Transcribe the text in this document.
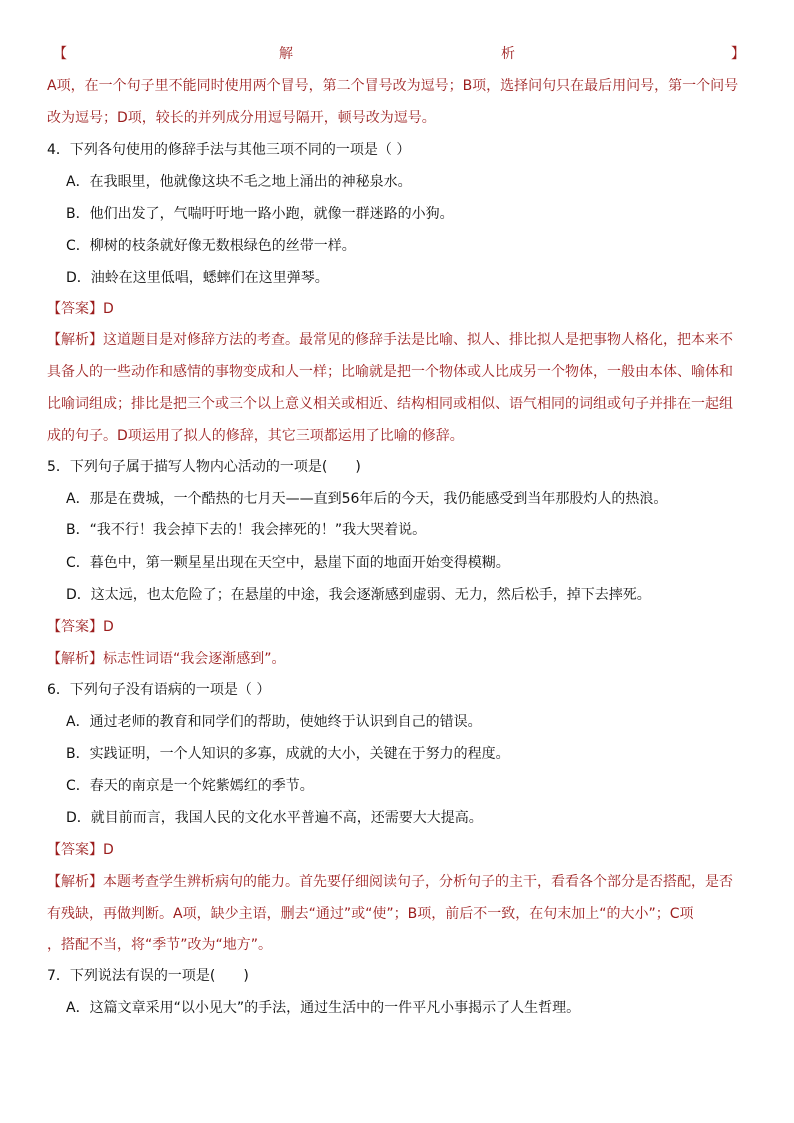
【	解	析	】
A项，在一个句子里不能同时使用两个冒号，第二个冒号改为逗号；B项，选择问句只在最后用问号，第一个问号
改为逗号；D项，较长的并列成分用逗号隔开，顿号改为逗号。
4．下列各句使用的修辞手法与其他三项不同的一项是（ ）
A．在我眼里，他就像这块不毛之地上涌出的神秘泉水。
B．他们出发了，气喘吁吁地一路小跑，就像一群迷路的小狗。
C．柳树的枝条就好像无数根绿色的丝带一样。
D．油蛉在这里低唱，蟋蟀们在这里弹琴。
【答案】D
【解析】这道题目是对修辞方法的考查。最常见的修辞手法是比喻、拟人、排比拟人是把事物人格化，把本来不
具备人的一些动作和感情的事物变成和人一样；比喻就是把一个物体或人比成另一个物体，一般由本体、喻体和
比喻词组成；排比是把三个或三个以上意义相关或相近、结构相同或相似、语气相同的词组或句子并排在一起组
成的句子。D项运用了拟人的修辞，其它三项都运用了比喻的修辞。
5．下列句子属于描写人物内心活动的一项是(　　)
A．那是在费城，一个酷热的七月天——直到56年后的今天，我仍能感受到当年那股灼人的热浪。
B．“我不行！我会掉下去的！我会摔死的！”我大哭着说。
C．暮色中，第一颗星星出现在天空中，悬崖下面的地面开始变得模糊。
D．这太远，也太危险了；在悬崖的中途，我会逐渐感到虚弱、无力，然后松手，掉下去摔死。
【答案】D
【解析】标志性词语“我会逐渐感到”。
6．下列句子没有语病的一项是（ ）
A．通过老师的教育和同学们的帮助，使她终于认识到自己的错误。
B．实践证明，一个人知识的多寡，成就的大小，关键在于努力的程度。
C．春天的南京是一个姹紫嫣红的季节。
D．就目前而言，我国人民的文化水平普遍不高，还需要大大提高。
【答案】D
【解析】本题考查学生辨析病句的能力。首先要仔细阅读句子，分析句子的主干，看看各个部分是否搭配，是否
有残缺，再做判断。A项，缺少主语，删去“通过”或“使”；B项，前后不一致，在句末加上“的大小”；C项
，搭配不当，将“季节”改为“地方”。
7．下列说法有误的一项是(　　)
A．这篇文章采用“以小见大”的手法，通过生活中的一件平凡小事揭示了人生哲理。
